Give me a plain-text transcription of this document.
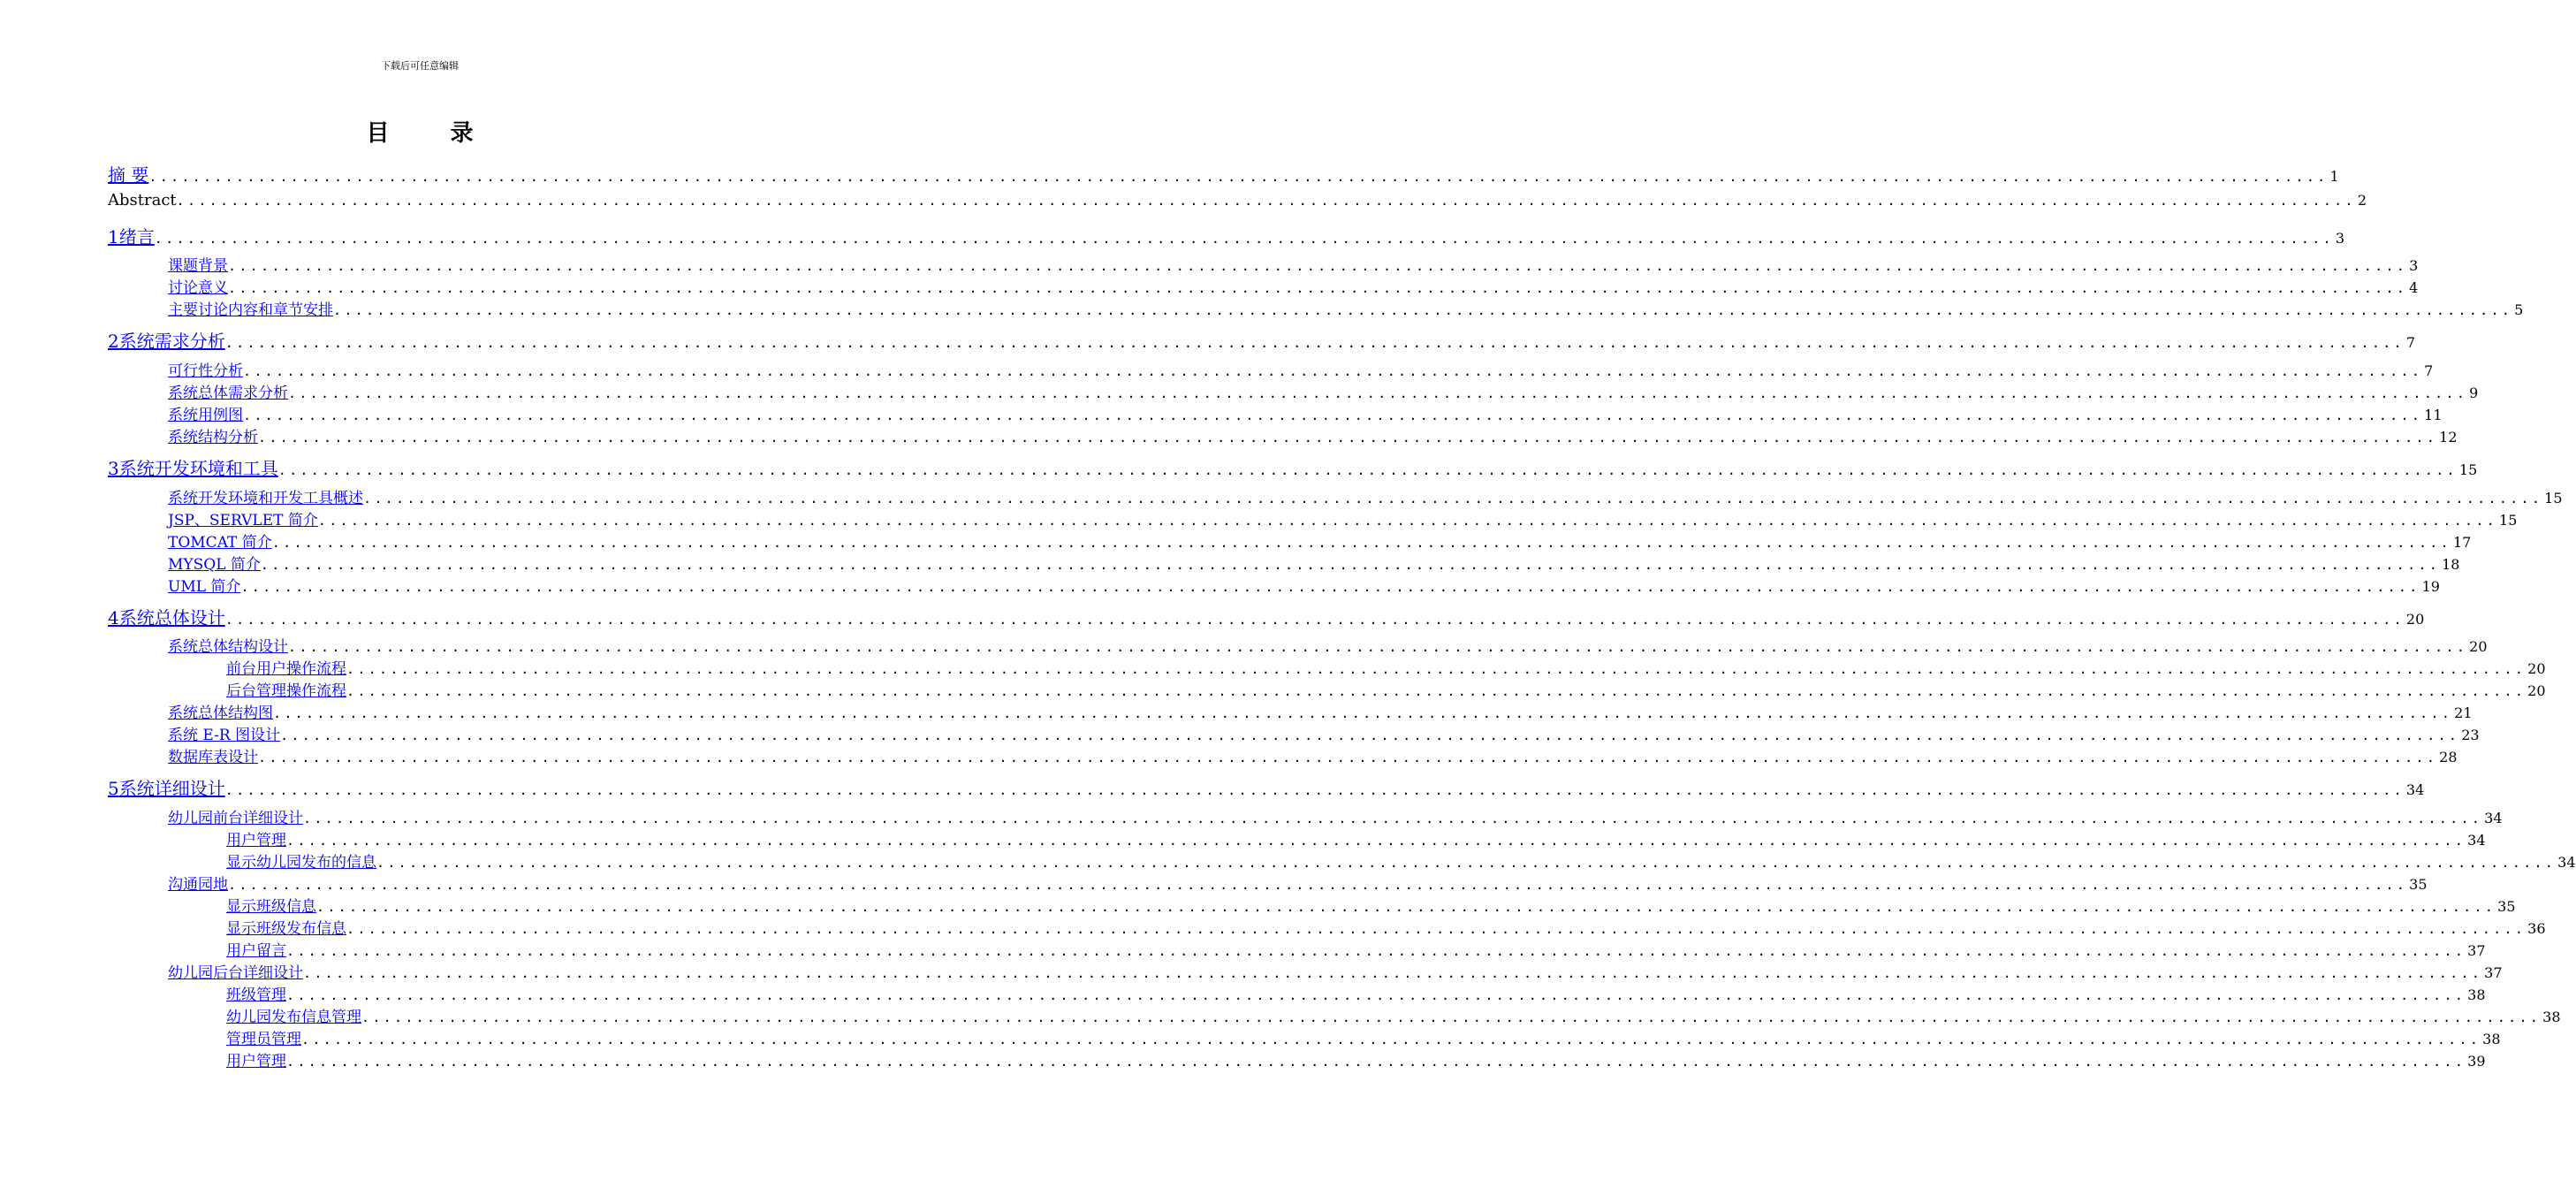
下载后可任意编辑
目 录
摘 要 ........................................................................................................................................................................................................ 1
Abstract ........................................................................................................................................................................................................ 2
1 绪言 ........................................................................................................................................................................................................ 3
课题背景 ........................................................................................................................................................................................................ 3
讨论意义 ........................................................................................................................................................................................................ 4
主要讨论内容和章节安排 ........................................................................................................................................................................................................ 5
2 系统需求分析 ........................................................................................................................................................................................................ 7
可行性分析 ........................................................................................................................................................................................................ 7
系统总体需求分析 ........................................................................................................................................................................................................ 9
系统用例图 ........................................................................................................................................................................................................ 11
系统结构分析 ........................................................................................................................................................................................................ 12
3 系统开发环境和工具 ........................................................................................................................................................................................................ 15
系统开发环境和开发工具概述 ........................................................................................................................................................................................................ 15
JSP、SERVLET 简介 ........................................................................................................................................................................................................ 15
TOMCAT 简介 ........................................................................................................................................................................................................ 17
MYSQL 简介 ........................................................................................................................................................................................................ 18
UML 简介 ........................................................................................................................................................................................................ 19
4 系统总体设计 ........................................................................................................................................................................................................ 20
系统总体结构设计 ........................................................................................................................................................................................................ 20
前台用户操作流程 ........................................................................................................................................................................................................ 20
后台管理操作流程 ........................................................................................................................................................................................................ 20
系统总体结构图 ........................................................................................................................................................................................................ 21
系统 E-R 图设计 ........................................................................................................................................................................................................ 23
数据库表设计 ........................................................................................................................................................................................................ 28
5 系统详细设计 ........................................................................................................................................................................................................ 34
幼儿园前台详细设计 ........................................................................................................................................................................................................ 34
用户管理 ........................................................................................................................................................................................................ 34
显示幼儿园发布的信息 ........................................................................................................................................................................................................ 34
沟通园地 ........................................................................................................................................................................................................ 35
显示班级信息 ........................................................................................................................................................................................................ 35
显示班级发布信息 ........................................................................................................................................................................................................ 36
用户留言 ........................................................................................................................................................................................................ 37
幼儿园后台详细设计 ........................................................................................................................................................................................................ 37
班级管理 ........................................................................................................................................................................................................ 38
幼儿园发布信息管理 ........................................................................................................................................................................................................ 38
管理员管理 ........................................................................................................................................................................................................ 38
用户管理 ........................................................................................................................................................................................................ 39
